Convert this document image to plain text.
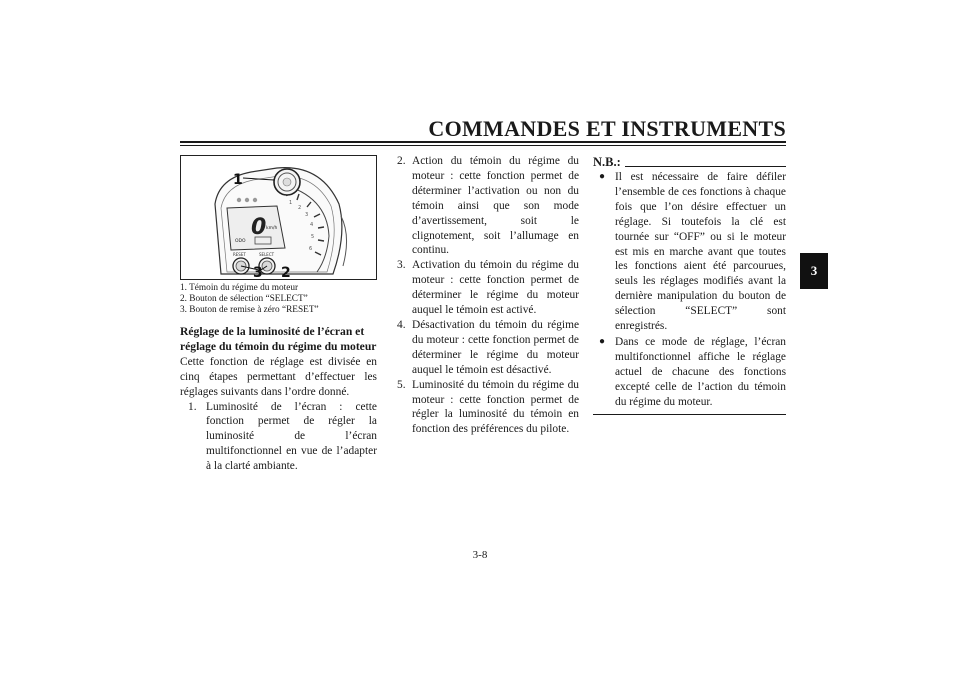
COMMANDES ET INSTRUMENTS
3
1
2
3
4
5
6
0 km/h
ODO
RESET	SELECT
1
2
3
1. Témoin du régime du moteur
2. Bouton de sélection “SELECT”
3. Bouton de remise à zéro “RESET”
Réglage de la luminosité de l’écran et réglage du témoin du régime du moteur

Cette fonction de réglage est divisée en cinq étapes permettant d’effectuer les réglages suivants dans l’ordre donné.

1. Luminosité de l’écran : cette fonction permet de régler la luminosité de l’écran multifonctionnel en vue de l’adapter à la clarté ambiante.
2. Action du témoin du régime du moteur : cette fonction permet de déterminer l’activation ou non du témoin ainsi que son mode d’avertissement, soit le clignotement, soit l’allumage en continu.
3. Activation du témoin du régime du moteur : cette fonction permet de déterminer le régime du moteur auquel le témoin est activé.
4. Désactivation du témoin du régime du moteur : cette fonction permet de déterminer le régime du moteur auquel le témoin est désactivé.
5. Luminosité du témoin du régime du moteur : cette fonction permet de régler la luminosité du témoin en fonction des préférences du pilote.
N.B.:
● Il est nécessaire de faire défiler l’ensemble de ces fonctions à chaque fois que l’on désire effectuer un réglage. Si toutefois la clé est tournée sur “OFF” ou si le moteur est mis en marche avant que toutes les fonctions aient été parcourues, seuls les réglages modifiés avant la dernière manipulation du bouton de sélection “SELECT” sont enregistrés.
● Dans ce mode de réglage, l’écran multifonctionnel affiche le réglage actuel de chacune des fonctions excepté celle de l’action du témoin du régime du moteur.
3-8
